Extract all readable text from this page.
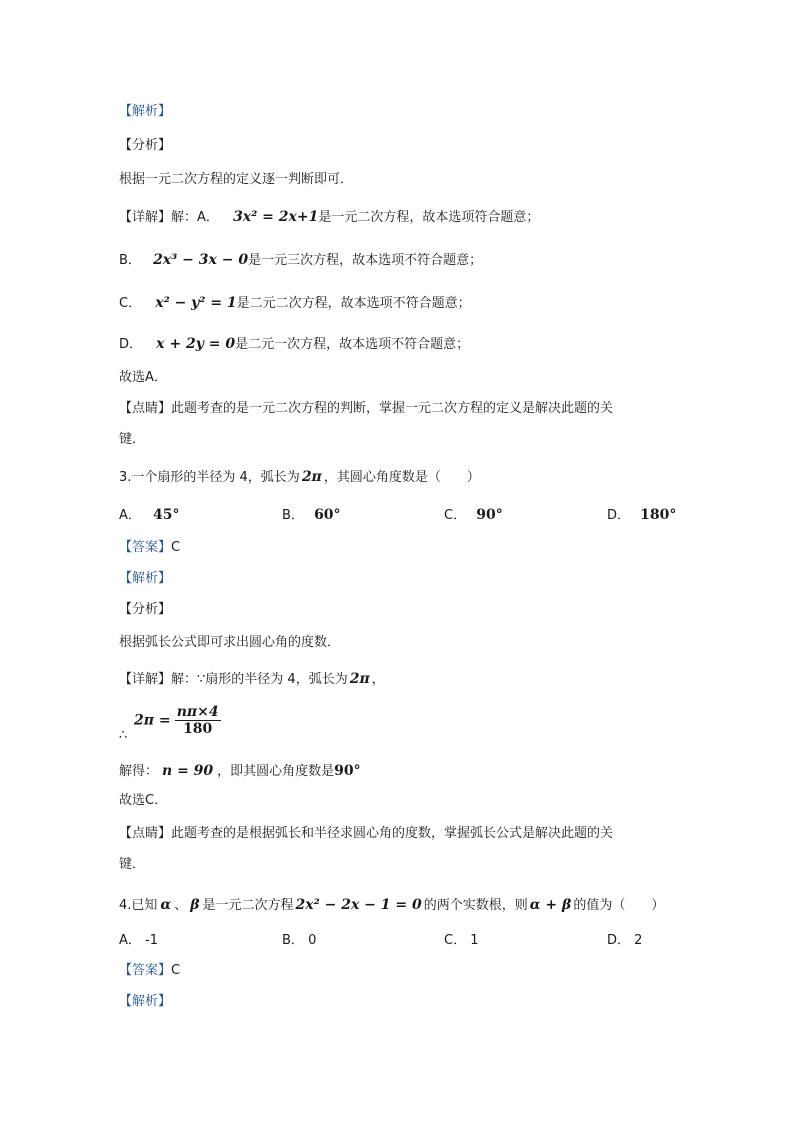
【解析】
【分析】
根据一元二次方程的定义逐一判断即可．
【详解】解：A． 3x² = 2x+1是一元二次方程，故本选项符合题意；
B． 2x³ − 3x − 0是一元三次方程，故本选项不符合题意；
C． x² − y² = 1是二元二次方程，故本选项不符合题意；
D． x + 2y = 0是二元一次方程，故本选项不符合题意；
故选A．
【点睛】此题考查的是一元二次方程的判断，掌握一元二次方程的定义是解决此题的关
键．
3.一个扇形的半径为 4，弧长为 2π ，其圆心角度数是（　　）
A． 45°	B． 60°	C． 90°	D． 180°
【答案】C
【解析】
【分析】
根据弧长公式即可求出圆心角的度数．
【详解】解：∵扇形的半径为 4，弧长为 2π ，
$2\pi = \frac{n\pi\times 4}{180}$
∴
解得： n = 90 ，即其圆心角度数是90°
故选C．
【点睛】此题考查的是根据弧长和半径求圆心角的度数，掌握弧长公式是解决此题的关
键．
4.已知 α 、 β 是一元二次方程 2x² − 2x − 1 = 0 的两个实数根，则 α + β 的值为（　　）
A． -1	B． 0	C． 1	D． 2
【答案】C
【解析】
